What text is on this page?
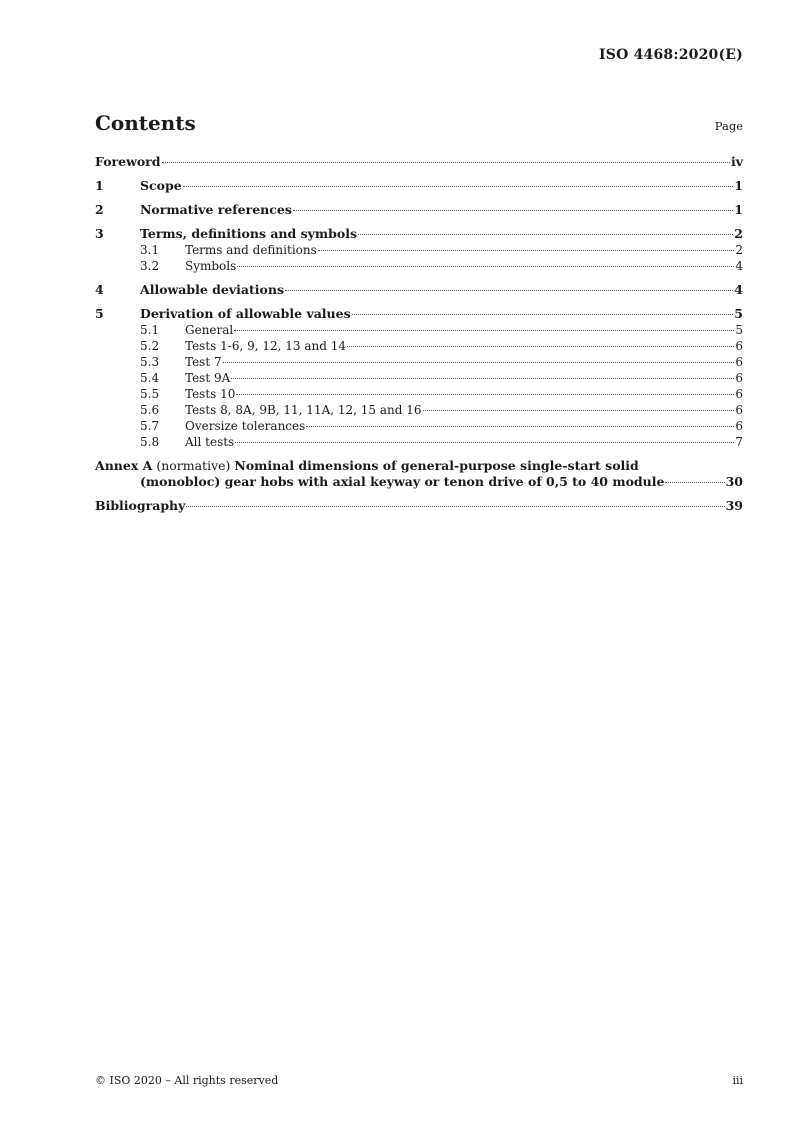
ISO 4468:2020(E)
Contents	Page
Foreword	iv
1	Scope	1
2	Normative references	1
3	Terms, definitions and symbols	2
3.1	Terms and definitions	2
3.2	Symbols	4
4	Allowable deviations	4
5	Derivation of allowable values	5
5.1	General	5
5.2	Tests 1-6, 9, 12, 13 and 14	6
5.3	Test 7	6
5.4	Test 9A	6
5.5	Tests 10	6
5.6	Tests 8, 8A, 9B, 11, 11A, 12, 15 and 16	6
5.7	Oversize tolerances	6
5.8	All tests	7
Annex A (normative) Nominal dimensions of general-purpose single-start solid
(monobloc) gear hobs with axial keyway or tenon drive of 0,5 to 40 module	30
Bibliography	39
© ISO 2020 – All rights reserved	iii
